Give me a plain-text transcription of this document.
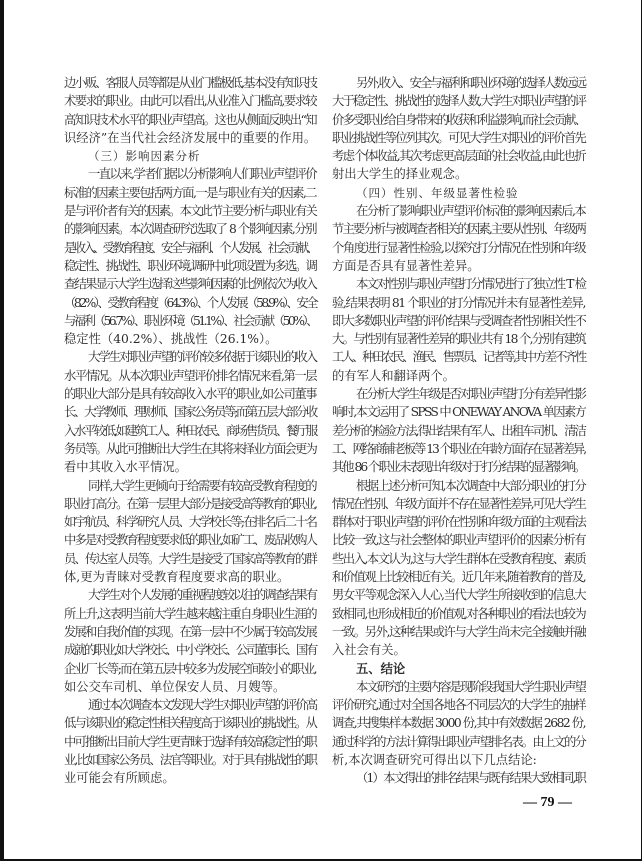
边小贩、客服人员等都是从业门槛极低,基本没有知识技
术要求的职业。由此可以看出,从业准入门槛高,要求较
高知识技术水平的职业声望高。这也从侧面反映出“知
识经济”在当代社会经济发展中的重要的作用。
（三）影响因素分析
一直以来,学者们据以分析影响人们职业声望评价
标准的因素主要包括两方面,一是与职业有关的因素,二
是与评价者有关的因素。本文此节主要分析与职业有关
的影响因素。本次调查研究选取了 8 个影响因素,分别
是收入、受教育程度、安全与福利、个人发展、社会贡献、
稳定性、挑战性、职业环境,调研中此项设置为多选。调
查结果显示大学生选择这些影响因素的比例依次为收入
（82%）、受教育程度（64.3%）、个人发展（58.9%）、安全
与福利（56.7%）、职业环境（51.1%）、社会贡献（50%）、
稳定性（40.2%）、挑战性（26.1%）。
大学生对职业声望的评价较多依据于该职业的收入
水平情况。从本次职业声望评价排名情况来看,第一层
的职业大部分是具有较高收入水平的职业,如公司董事
长、大学教师、理财师、国家公务员等;而第五层大部分收
入水平较低,如建筑工人、种田农民、商场售货员、餐厅服
务员等。从此可推断出大学生在其将来择业方面会更为
看中其收入水平情况。
同样,大学生更倾向于给需要有较高受教育程度的
职业打高分。在第一层里大部分是接受高等教育的职业,
如宇航员、科学研究人员、大学校长等;在排名后二十名
中多是对受教育程度要求低的职业,如矿工、废品收购人
员、传达室人员等。大学生是接受了国家高等教育的群
体,更为青睐对受教育程度要求高的职业。
大学生对个人发展的重视程度较以往的调查结果有
所上升,这表明当前大学生越来越注重自身职业生涯的
发展和自我价值的实现。在第一层中不少属于较高发展
成就的职业,如大学校长、中小学校长、公司董事长、国有
企业厂长等;而在第五层中较多为发展空间较小的职业,
如公交车司机、单位保安人员、月嫂等。
通过本次调查本文发现大学生对职业声望的评价高
低与该职业的稳定性相关程度高于该职业的挑战性。从
中可推断出目前大学生更青睐于选择有较高稳定性的职
业,比如国家公务员、法官等职业。对于具有挑战性的职
业可能会有所顾虑。
另外,收入、安全与福利和职业环境的选择人数远远
大于稳定性、挑战性的选择人数,大学生对职业声望的评
价多受职业给自身带来的收获和利益影响,而社会贡献、
职业挑战性等位列其次。可见大学生对职业的评价首先
考虑个体收益,其次考虑更高层面的社会收益,由此也折
射出大学生的择业观念。
（四）性别、年级显著性检验
在分析了影响职业声望评价标准的影响因素后,本
节主要分析与被调查者相关的因素,主要从性别、年级两
个角度进行显著性检验,以探究打分情况在性别和年级
方面是否具有显著性差异。
本文对性别与职业声望打分情况进行了独立性 T 检
验,结果表明 81 个职业的打分情况并未有显著性差异,
即大多数职业声望的评价结果与受调查者性别相关性不
大。与性别有显著性差异的职业共有 18 个,分别有建筑
工人、种田农民、渔民、售票员、记者等,其中方差不齐性
的有军人和翻译两个。
在分析大学生年级是否对职业声望打分有差异性影
响时,本文运用了 SPSS 中 ONEWAY ANOVA 单因素方
差分析的检验方法,得出结果有军人、出租车司机、清洁
工、网络商铺老板等 13 个职业在年龄方面存在显著差异,
其他 86 个职业未表现出年级对于打分结果的显著影响。
根据上述分析可知,本次调查中大部分职业的打分
情况在性别、年级方面并不存在显著性差异,可见大学生
群体对于职业声望的评价在性别和年级方面的主观看法
比较一致,这与社会整体的职业声望评价的因素分析有
些出入,本文认为,这与大学生群体在受教育程度、素质
和价值观上比较相近有关。近几年来,随着教育的普及,
男女平等观念深入人心,当代大学生所接收到的信息大
致相同,也形成相近的价值观,对各种职业的看法也较为
一致。另外,这种结果或许与大学生尚未完全接触并融
入社会有关。
五、结论
本文研究的主要内容是现阶段我国大学生职业声望
评价研究,通过对全国各地各不同层次的大学生的抽样
调查,共搜集样本数据 3000 份,其中有效数据 2682 份,
通过科学的方法计算得出职业声望排名表。由上文的分
析,本次调查研究可得出以下几点结论:
（1）本文得出的排名结果与既有结果大致相同,职
— 79 —
